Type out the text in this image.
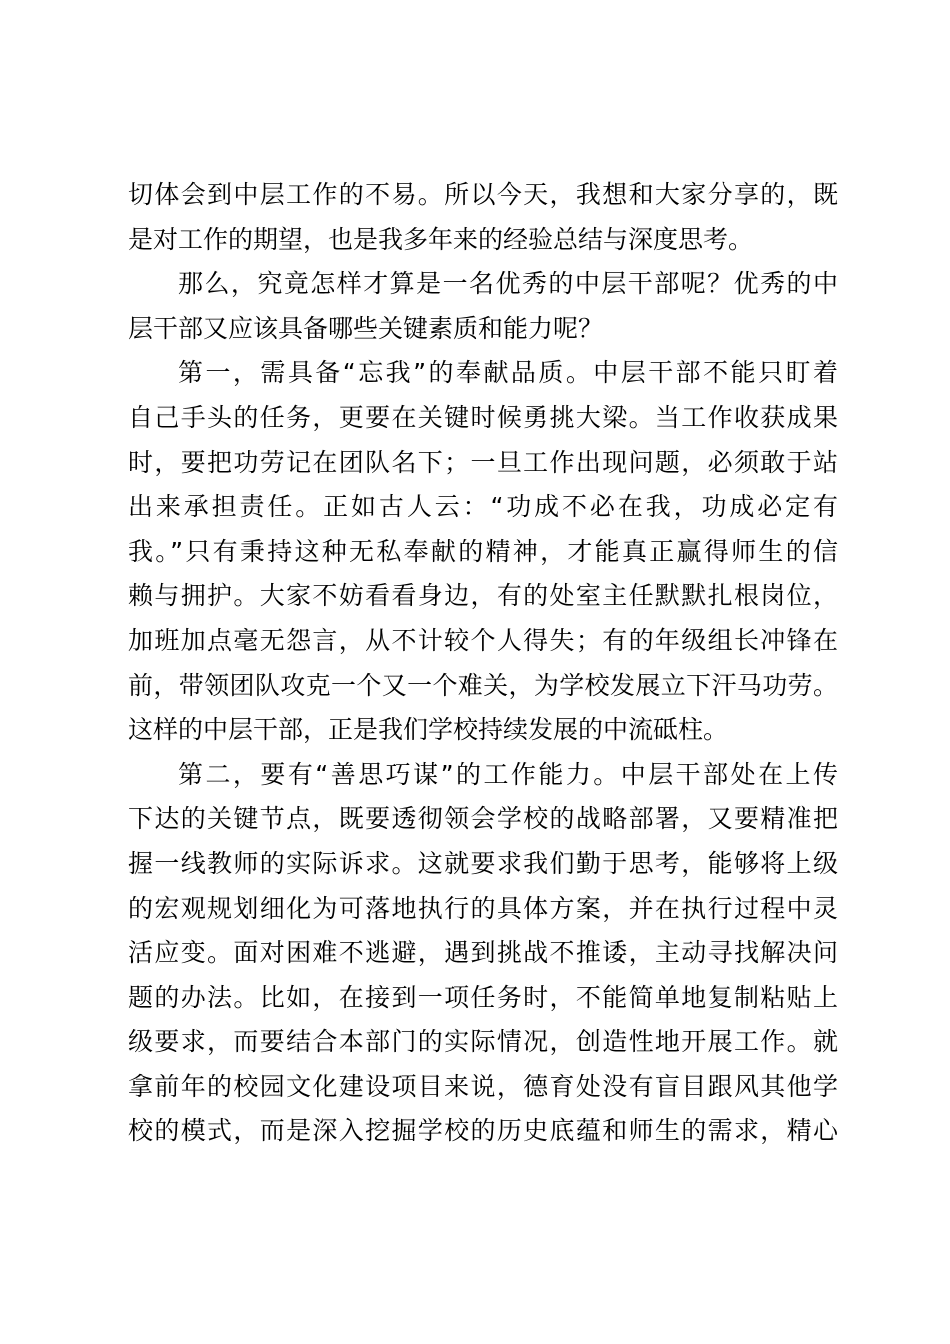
切体会到中层工作的不易。所以今天，我想和大家分享的，既
是对工作的期望，也是我多年来的经验总结与深度思考。
那么，究竟怎样才算是一名优秀的中层干部呢？优秀的中
层干部又应该具备哪些关键素质和能力呢？
第一，需具备“忘我”的奉献品质。中层干部不能只盯着
自己手头的任务，更要在关键时候勇挑大梁。当工作收获成果
时，要把功劳记在团队名下；一旦工作出现问题，必须敢于站
出来承担责任。正如古人云：“功成不必在我，功成必定有
我。”只有秉持这种无私奉献的精神，才能真正赢得师生的信
赖与拥护。大家不妨看看身边，有的处室主任默默扎根岗位，
加班加点毫无怨言，从不计较个人得失；有的年级组长冲锋在
前，带领团队攻克一个又一个难关，为学校发展立下汗马功劳。
这样的中层干部，正是我们学校持续发展的中流砥柱。
第二，要有“善思巧谋”的工作能力。中层干部处在上传
下达的关键节点，既要透彻领会学校的战略部署，又要精准把
握一线教师的实际诉求。这就要求我们勤于思考，能够将上级
的宏观规划细化为可落地执行的具体方案，并在执行过程中灵
活应变。面对困难不逃避，遇到挑战不推诿，主动寻找解决问
题的办法。比如，在接到一项任务时，不能简单地复制粘贴上
级要求，而要结合本部门的实际情况，创造性地开展工作。就
拿前年的校园文化建设项目来说，德育处没有盲目跟风其他学
校的模式，而是深入挖掘学校的历史底蕴和师生的需求，精心
